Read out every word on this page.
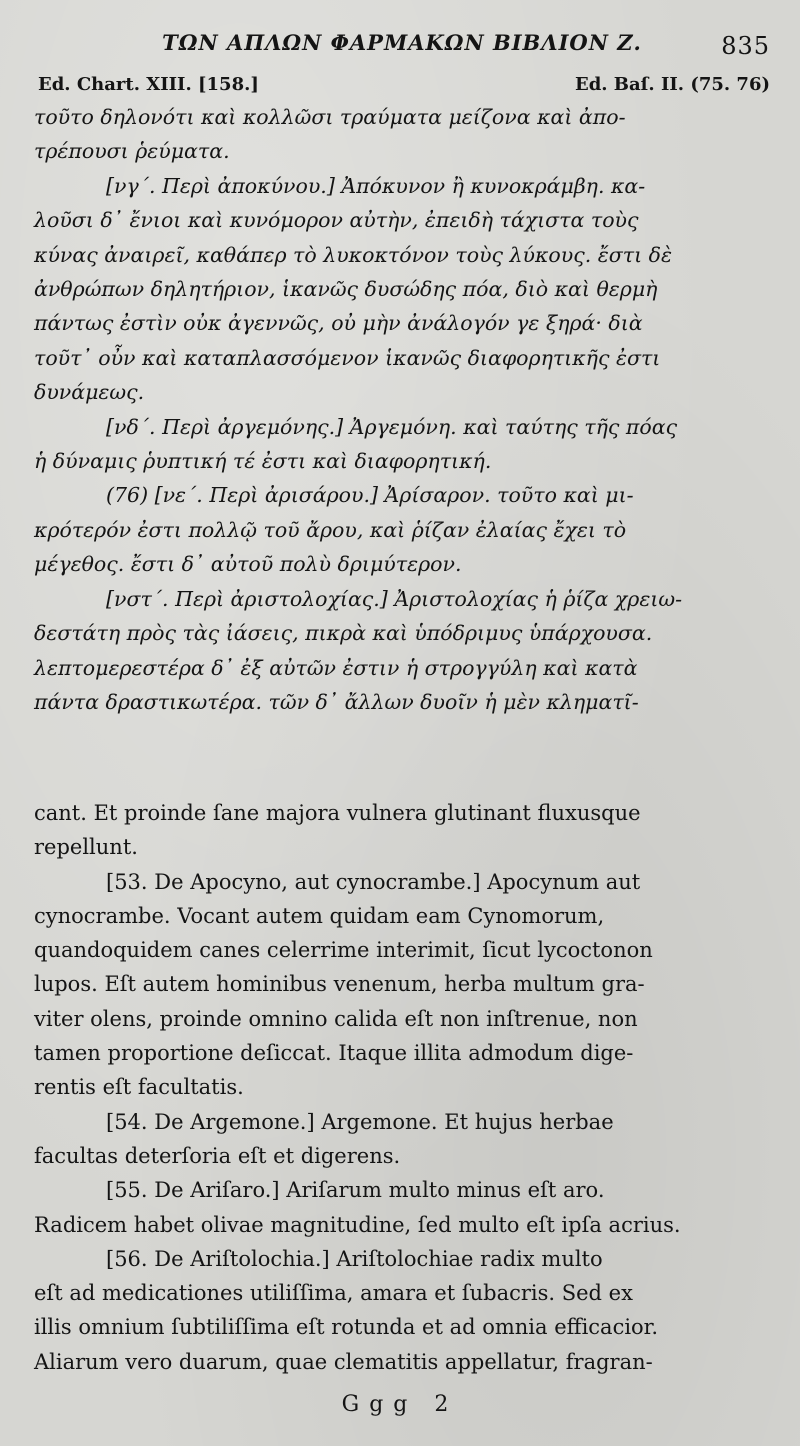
ΤΩΝ ΑΠΛΩΝ ΦΑΡΜΑΚΩΝ ΒΙΒΛΙΟΝ Ζ.	835
Ed. Chart. XIII. [158.]	Ed. Baſ. II. (75. 76)
τοῦτο δηλονότι καὶ κολλῶσι τραύματα μείζονα καὶ ἀπο-
τρέπουσι ῥεύματα.
[νγ΄. Περὶ ἀποκύνου.] Ἀπόκυνον ἢ κυνοκράμβη. κα-
λοῦσι δ᾽ ἔνιοι καὶ κυνόμορον αὐτὴν, ἐπειδὴ τάχιστα τοὺς
κύνας ἀναιρεῖ, καθάπερ τὸ λυκοκτόνον τοὺς λύκους. ἔστι δὲ
ἀνθρώπων δηλητήριον, ἱκανῶς δυσώδης πόα, διὸ καὶ θερμὴ
πάντως ἐστὶν οὐκ ἀγεννῶς, οὐ μὴν ἀνάλογόν γε ξηρά· διὰ
τοῦτ᾽ οὖν καὶ καταπλασσόμενον ἱκανῶς διαφορητικῆς ἐστι
δυνάμεως.
[νδ΄. Περὶ ἀργεμόνης.] Ἀργεμόνη. καὶ ταύτης τῆς πόας
ἡ δύναμις ῥυπτική τέ ἐστι καὶ διαφορητική.
(76) [νε΄. Περὶ ἀρισάρου.] Ἀρίσαρον. τοῦτο καὶ μι-
κρότερόν ἐστι πολλῷ τοῦ ἄρου, καὶ ῥίζαν ἐλαίας ἔχει τὸ
μέγεθος. ἔστι δ᾽ αὐτοῦ πολὺ δριμύτερον.
[νστ΄. Περὶ ἀριστολοχίας.] Ἀριστολοχίας ἡ ῥίζα χρειω-
δεστάτη πρὸς τὰς ἰάσεις, πικρὰ καὶ ὑπόδριμυς ὑπάρχουσα.
λεπτομερεστέρα δ᾽ ἐξ αὐτῶν ἐστιν ἡ στρογγύλη καὶ κατὰ
πάντα δραστικωτέρα. τῶν δ᾽ ἄλλων δυοῖν ἡ μὲν κληματῖ-
cant. Et proinde ſane majora vulnera glutinant fluxusque
repellunt.
[53. De Apocyno, aut cynocrambe.] Apocynum aut
cynocrambe. Vocant autem quidam eam Cynomorum,
quandoquidem canes celerrime interimit, ſicut lycoctonon
lupos. Eſt autem hominibus venenum, herba multum gra-
viter olens, proinde omnino calida eſt non inſtrenue, non
tamen proportione deſiccat. Itaque illita admodum dige-
rentis eſt facultatis.
[54. De Argemone.] Argemone. Et hujus herbae
facultas deterſoria eſt et digerens.
[55. De Ariſaro.] Ariſarum multo minus eſt aro.
Radicem habet olivae magnitudine, ſed multo eſt ipſa acrius.
[56. De Ariſtolochia.] Ariſtolochiae radix multo
eſt ad medicationes utiliſſima, amara et ſubacris. Sed ex
illis omnium ſubtiliſſima eſt rotunda et ad omnia efficacior.
Aliarum vero duarum, quae clematitis appellatur, fragran-
Ggg 2
